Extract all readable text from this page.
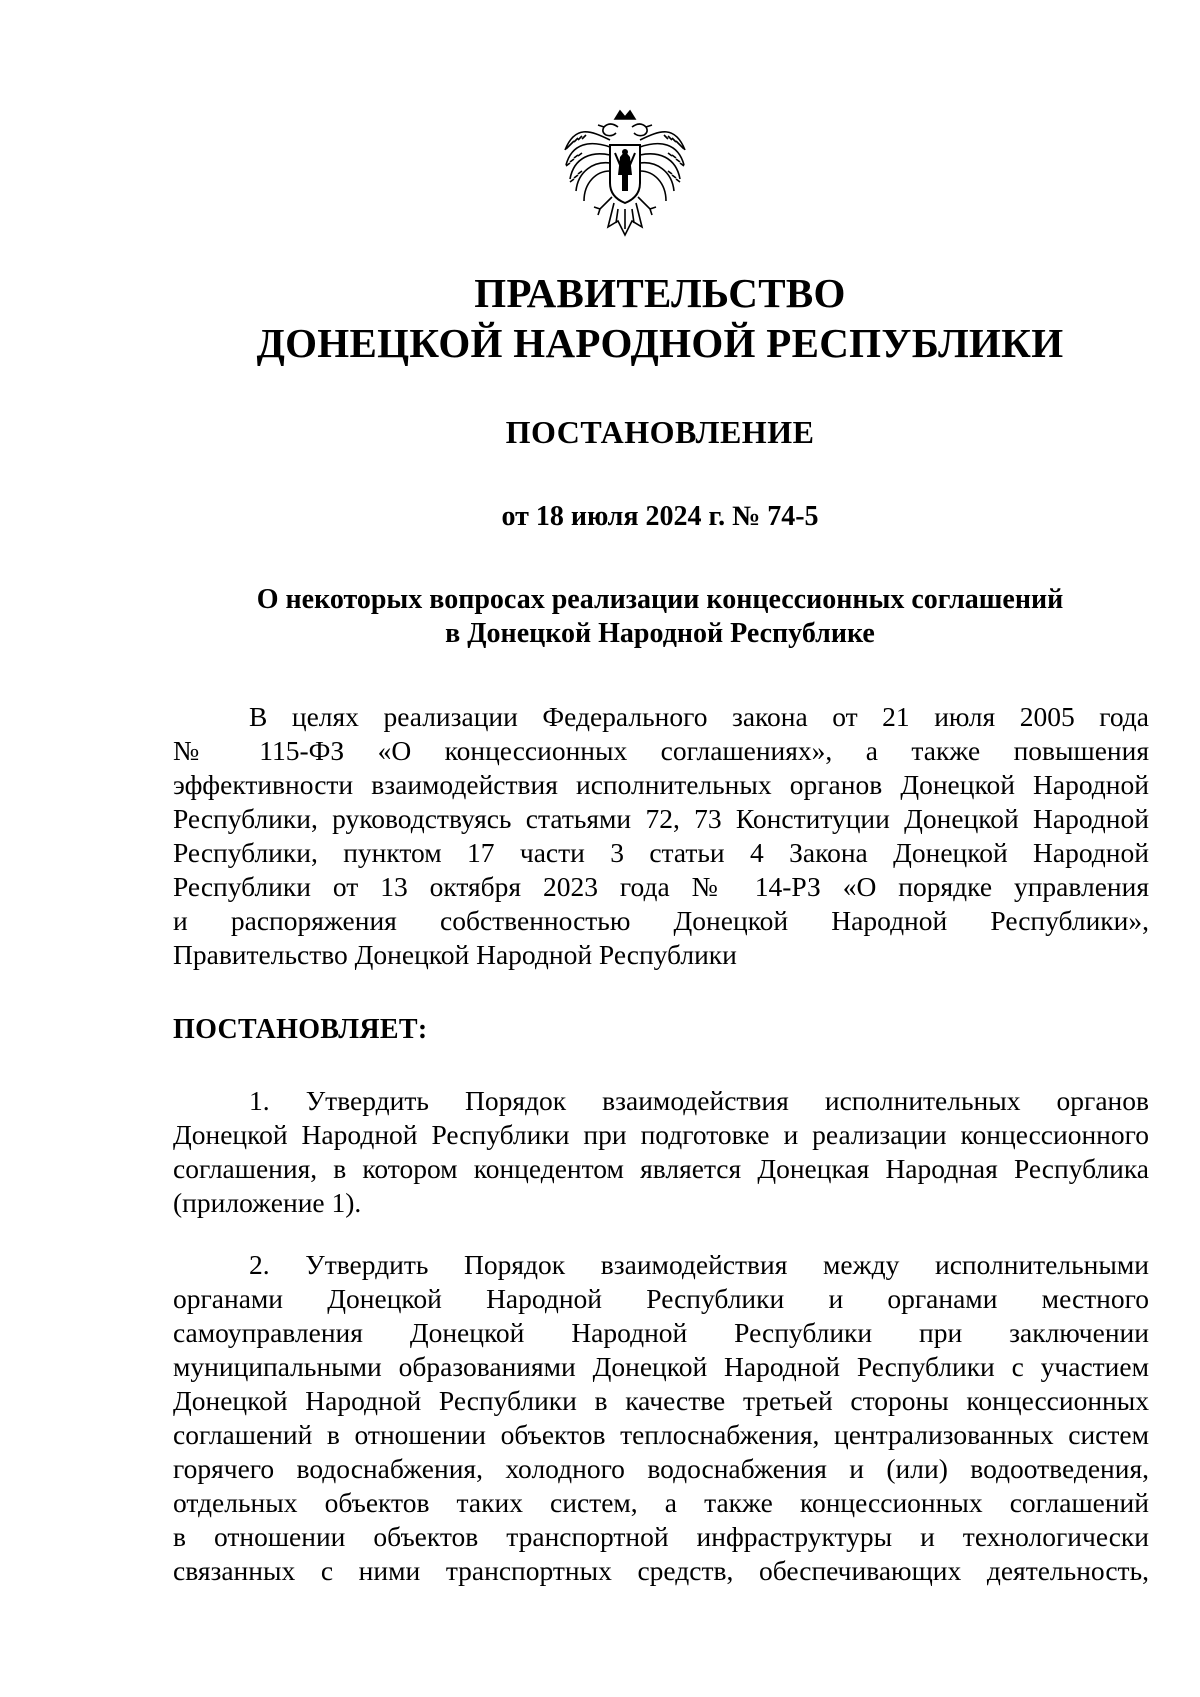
ПРАВИТЕЛЬСТВО
ДОНЕЦКОЙ НАРОДНОЙ РЕСПУБЛИКИ
ПОСТАНОВЛЕНИЕ
от 18 июля 2024 г. № 74-5
О некоторых вопросах реализации концессионных соглашений
в Донецкой Народной Республике
В целях реализации Федерального закона от 21 июля 2005 года
№ 115-ФЗ «О концессионных соглашениях», а также повышения
эффективности взаимодействия исполнительных органов Донецкой Народной
Республики, руководствуясь статьями 72, 73 Конституции Донецкой Народной
Республики, пунктом 17 части 3 статьи 4 Закона Донецкой Народной
Республики от 13 октября 2023 года № 14-РЗ «О порядке управления
и распоряжения собственностью Донецкой Народной Республики»,
Правительство Донецкой Народной Республики
ПОСТАНОВЛЯЕТ:
1. Утвердить Порядок взаимодействия исполнительных органов
Донецкой Народной Республики при подготовке и реализации концессионного
соглашения, в котором концедентом является Донецкая Народная Республика
(приложение 1).
2. Утвердить Порядок взаимодействия между исполнительными
органами Донецкой Народной Республики и органами местного
самоуправления Донецкой Народной Республики при заключении
муниципальными образованиями Донецкой Народной Республики с участием
Донецкой Народной Республики в качестве третьей стороны концессионных
соглашений в отношении объектов теплоснабжения, централизованных систем
горячего водоснабжения, холодного водоснабжения и (или) водоотведения,
отдельных объектов таких систем, а также концессионных соглашений
в отношении объектов транспортной инфраструктуры и технологически
связанных с ними транспортных средств, обеспечивающих деятельность,
